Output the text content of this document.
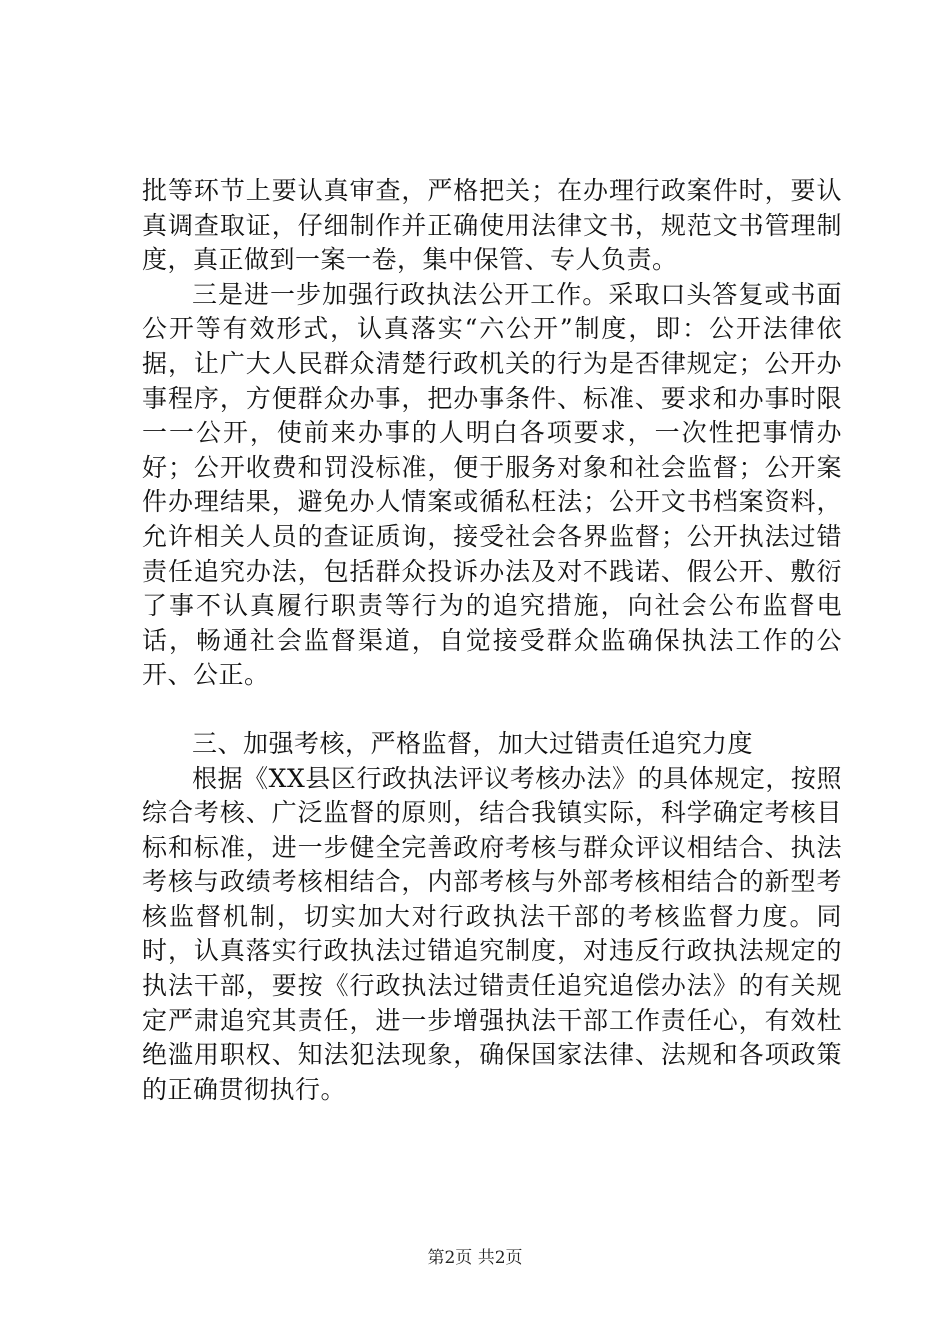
批等环节上要认真审查，严格把关；在办理行政案件时，要认真调查取证，仔细制作并正确使用法律文书，规范文书管理制度，真正做到一案一卷，集中保管、专人负责。

三是进一步加强行政执法公开工作。采取口头答复或书面公开等有效形式，认真落实“六公开”制度，即：公开法律依据，让广大人民群众清楚行政机关的行为是否律规定；公开办事程序，方便群众办事，把办事条件、标准、要求和办事时限一一公开，使前来办事的人明白各项要求，一次性把事情办好；公开收费和罚没标准，便于服务对象和社会监督；公开案件办理结果，避免办人情案或循私枉法；公开文书档案资料，允许相关人员的查证质询，接受社会各界监督；公开执法过错责任追究办法，包括群众投诉办法及对不践诺、假公开、敷衍了事不认真履行职责等行为的追究措施，向社会公布监督电话，畅通社会监督渠道，自觉接受群众监确保执法工作的公开、公正。

三、加强考核，严格监督，加大过错责任追究力度

根据《XX县区行政执法评议考核办法》的具体规定，按照综合考核、广泛监督的原则，结合我镇实际，科学确定考核目标和标准，进一步健全完善政府考核与群众评议相结合、执法考核与政绩考核相结合，内部考核与外部考核相结合的新型考核监督机制，切实加大对行政执法干部的考核监督力度。同时，认真落实行政执法过错追究制度，对违反行政执法规定的执法干部，要按《行政执法过错责任追究追偿办法》的有关规定严肃追究其责任，进一步增强执法干部工作责任心，有效杜绝滥用职权、知法犯法现象，确保国家法律、法规和各项政策的正确贯彻执行。

第2页 共2页
